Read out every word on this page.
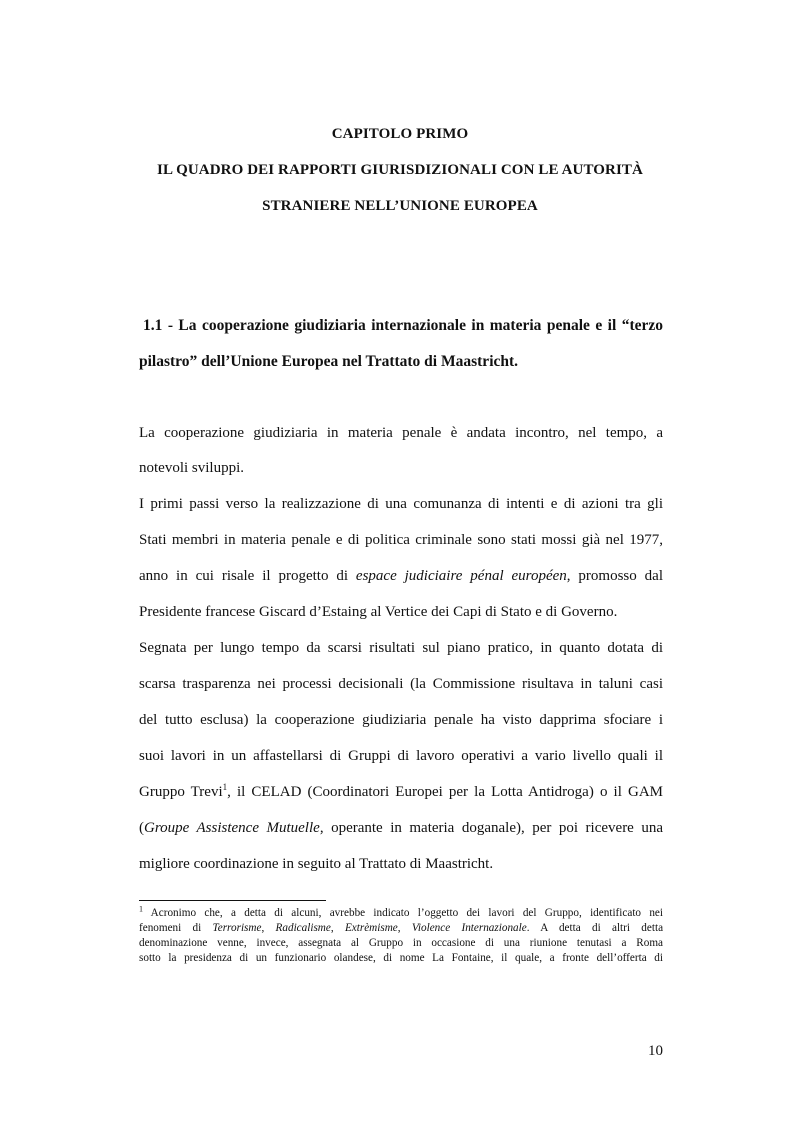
CAPITOLO PRIMO
IL QUADRO DEI RAPPORTI GIURISDIZIONALI CON LE AUTORITÀ
STRANIERE NELL’UNIONE EUROPEA
1.1 - La cooperazione giudiziaria internazionale in materia penale e il “terzo
pilastro” dell’Unione Europea nel Trattato di Maastricht.
La cooperazione giudiziaria in materia penale è andata incontro, nel tempo, a
notevoli sviluppi.
I primi passi verso la realizzazione di una comunanza di intenti e di azioni tra gli
Stati membri in materia penale e di politica criminale sono stati mossi già nel 1977,
anno in cui risale il progetto di espace judiciaire pénal européen, promosso dal
Presidente francese Giscard d’Estaing al Vertice dei Capi di Stato e di Governo.
Segnata per lungo tempo da scarsi risultati sul piano pratico, in quanto dotata di
scarsa trasparenza nei processi decisionali (la Commissione risultava in taluni casi
del tutto esclusa) la cooperazione giudiziaria penale ha visto dapprima sfociare i
suoi lavori in un affastellarsi di Gruppi di lavoro operativi a vario livello quali il
Gruppo Trevi$^1$, il CELAD (Coordinatori Europei per la Lotta Antidroga) o il GAM
(Groupe Assistence Mutuelle, operante in materia doganale), per poi ricevere una
migliore coordinazione in seguito al Trattato di Maastricht.
$^1$ Acronimo che, a detta di alcuni, avrebbe indicato l’oggetto dei lavori del Gruppo, identificato nei
fenomeni di Terrorisme, Radicalisme, Extrèmisme, Violence Internazionale. A detta di altri detta
denominazione venne, invece, assegnata al Gruppo in occasione di una riunione tenutasi a Roma
sotto la presidenza di un funzionario olandese, di nome La Fontaine, il quale, a fronte dell’offerta di
10
